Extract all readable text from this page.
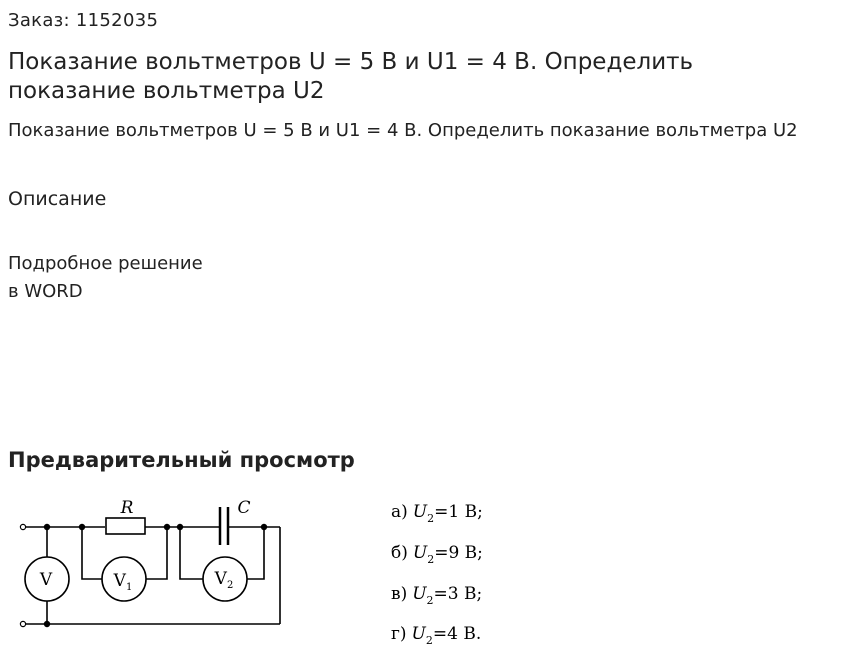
Заказ: 1152035
Показание вольтметров U = 5 В и U1 = 4 В. Определить показание вольтметра U2
Показание вольтметров U = 5 В и U1 = 4 В. Определить показание вольтметра U2
Описание
Подробное решение
в WORD
Предварительный просмотр
R	C
V	$V_1$	$V_2$
а) $U_2=1$ В;
б) $U_2=9$ В;
в) $U_2=3$ В;
г) $U_2=4$ В.
